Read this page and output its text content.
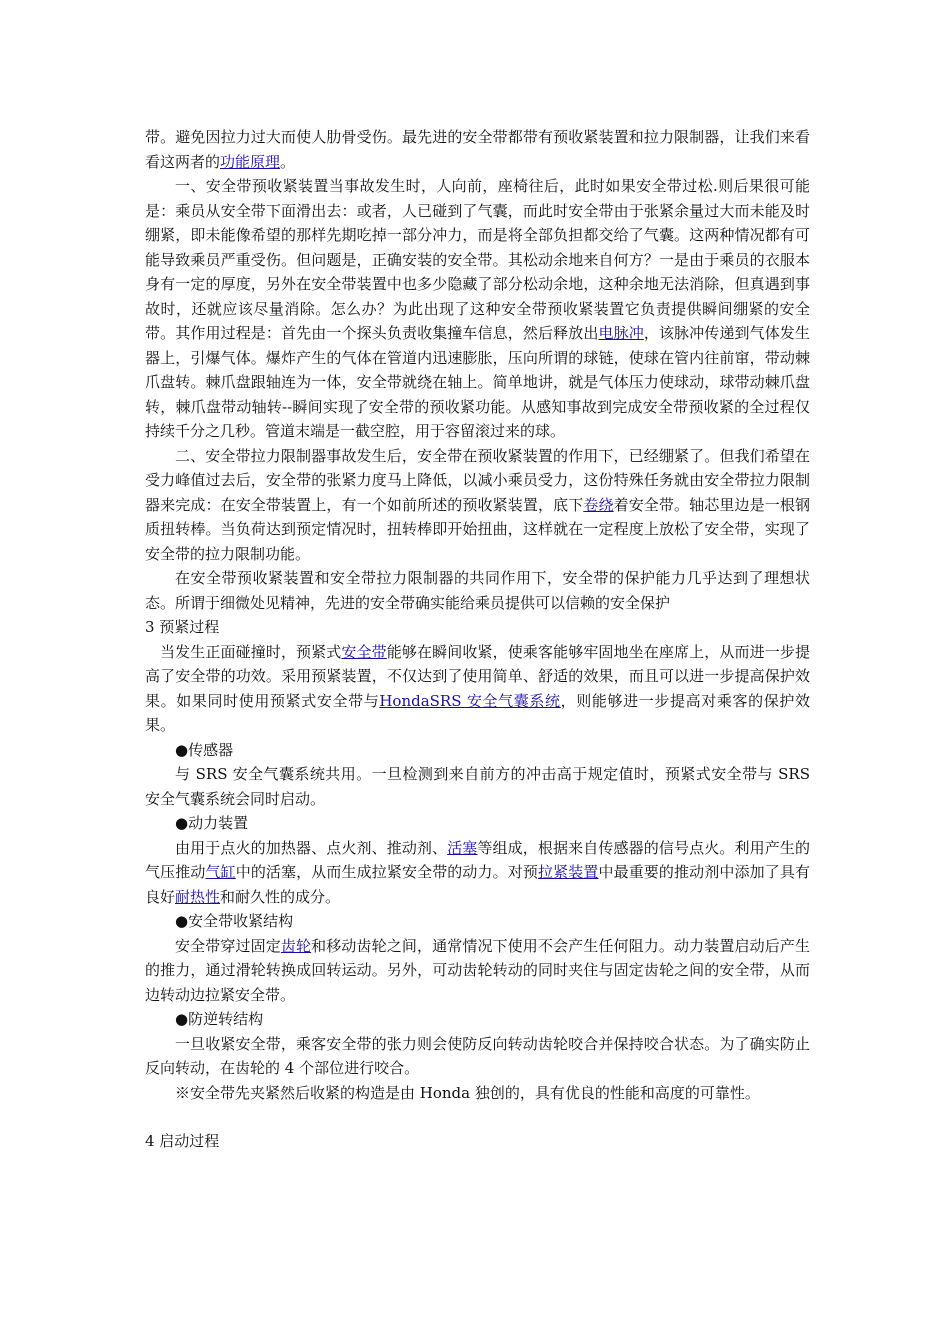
带。避免因拉力过大而使人肋骨受伤。最先进的安全带都带有预收紧装置和拉力限制器，让我们来看看这两者的功能原理。

一、安全带预收紧装置当事故发生时，人向前，座椅往后，此时如果安全带过松.则后果很可能是：乘员从安全带下面滑出去：或者，人已碰到了气囊，而此时安全带由于张紧余量过大而未能及时绷紧，即未能像希望的那样先期吃掉一部分冲力，而是将全部负担都交给了气囊。这两种情况都有可能导致乘员严重受伤。但问题是，正确安装的安全带。其松动余地来自何方？一是由于乘员的衣服本身有一定的厚度，另外在安全带装置中也多少隐藏了部分松动余地，这种余地无法消除，但真遇到事故时，还就应该尽量消除。怎么办？为此出现了这种安全带预收紧装置它负责提供瞬间绷紧的安全带。其作用过程是：首先由一个探头负责收集撞车信息，然后释放出电脉冲，该脉冲传递到气体发生器上，引爆气体。爆炸产生的气体在管道内迅速膨胀，压向所谓的球链，使球在管内往前窜，带动棘爪盘转。棘爪盘跟轴连为一体，安全带就绕在轴上。简单地讲，就是气体压力使球动，球带动棘爪盘转，棘爪盘带动轴转--瞬间实现了安全带的预收紧功能。从感知事故到完成安全带预收紧的全过程仅持续千分之几秒。管道末端是一截空腔，用于容留滚过来的球。

二、安全带拉力限制器事故发生后，安全带在预收紧装置的作用下，已经绷紧了。但我们希望在受力峰值过去后，安全带的张紧力度马上降低，以减小乘员受力，这份特殊任务就由安全带拉力限制器来完成：在安全带装置上，有一个如前所述的预收紧装置，底下卷绕着安全带。轴芯里边是一根钢质扭转棒。当负荷达到预定情况时，扭转棒即开始扭曲，这样就在一定程度上放松了安全带，实现了安全带的拉力限制功能。

在安全带预收紧装置和安全带拉力限制器的共同作用下，安全带的保护能力几乎达到了理想状态。所谓于细微处见精神，先进的安全带确实能给乘员提供可以信赖的安全保护

3 预紧过程

当发生正面碰撞时，预紧式安全带能够在瞬间收紧，使乘客能够牢固地坐在座席上，从而进一步提高了安全带的功效。采用预紧装置，不仅达到了使用简单、舒适的效果，而且可以进一步提高保护效果。如果同时使用预紧式安全带与HondaSRS 安全气囊系统，则能够进一步提高对乘客的保护效果。

●传感器

与 SRS 安全气囊系统共用。一旦检测到来自前方的冲击高于规定值时，预紧式安全带与 SRS 安全气囊系统会同时启动。

●动力装置

由用于点火的加热器、点火剂、推动剂、活塞等组成，根据来自传感器的信号点火。利用产生的气压推动气缸中的活塞，从而生成拉紧安全带的动力。对预拉紧装置中最重要的推动剂中添加了具有良好耐热性和耐久性的成分。

●安全带收紧结构

安全带穿过固定齿轮和移动齿轮之间，通常情况下使用不会产生任何阻力。动力装置启动后产生的推力，通过滑轮转换成回转运动。另外，可动齿轮转动的同时夹住与固定齿轮之间的安全带，从而边转动边拉紧安全带。

●防逆转结构

一旦收紧安全带，乘客安全带的张力则会使防反向转动齿轮咬合并保持咬合状态。为了确实防止反向转动，在齿轮的 4 个部位进行咬合。

※安全带先夹紧然后收紧的构造是由 Honda 独创的，具有优良的性能和高度的可靠性。

4 启动过程
